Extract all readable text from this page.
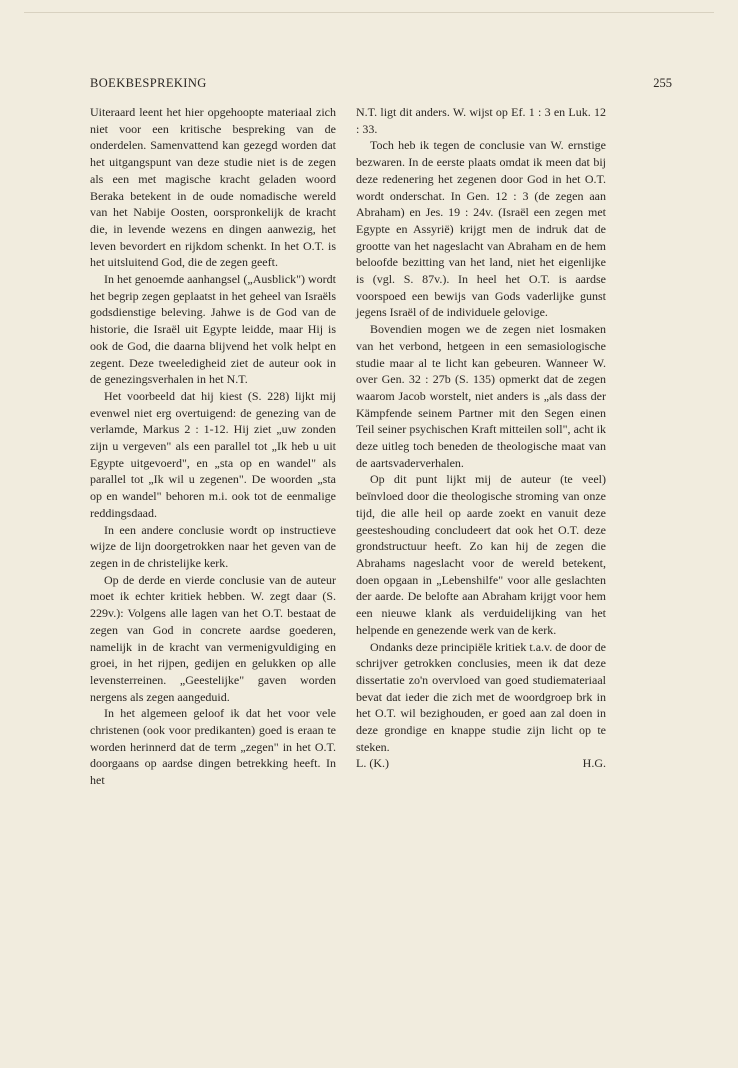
BOEKBESPREKING	255

Uiteraard leent het hier opgehoopte materiaal zich niet voor een kritische bespreking van de onderdelen. Samenvattend kan gezegd worden dat het uitgangspunt van deze studie niet is de zegen als een met magische kracht geladen woord Beraka betekent in de oude nomadische wereld van het Nabije Oosten, oorspronkelijk de kracht die, in levende wezens en dingen aanwezig, het leven bevordert en rijkdom schenkt. In het O.T. is het uitsluitend God, die de zegen geeft.

In het genoemde aanhangsel („Ausblick") wordt het begrip zegen geplaatst in het geheel van Israëls godsdienstige beleving. Jahwe is de God van de historie, die Israël uit Egypte leidde, maar Hij is ook de God, die daarna blijvend het volk helpt en zegent. Deze tweeledigheid ziet de auteur ook in de genezingsverhalen in het N.T.

Het voorbeeld dat hij kiest (S. 228) lijkt mij evenwel niet erg overtuigend: de genezing van de verlamde, Markus 2 : 1-12. Hij ziet „uw zonden zijn u vergeven" als een parallel tot „Ik heb u uit Egypte uitgevoerd", en „sta op en wandel" als parallel tot „Ik wil u zegenen". De woorden „sta op en wandel" behoren m.i. ook tot de eenmalige reddingsdaad.

In een andere conclusie wordt op instructieve wijze de lijn doorgetrokken naar het geven van de zegen in de christelijke kerk.

Op de derde en vierde conclusie van de auteur moet ik echter kritiek hebben. W. zegt daar (S. 229v.): Volgens alle lagen van het O.T. bestaat de zegen van God in concrete aardse goederen, namelijk in de kracht van vermenigvuldiging en groei, in het rijpen, gedijen en gelukken op alle levensterreinen. „Geestelijke" gaven worden nergens als zegen aangeduid.

In het algemeen geloof ik dat het voor vele christenen (ook voor predikanten) goed is eraan te worden herinnerd dat de term „zegen" in het O.T. doorgaans op aardse dingen betrekking heeft. In het

N.T. ligt dit anders. W. wijst op Ef. 1 : 3 en Luk. 12 : 33.

Toch heb ik tegen de conclusie van W. ernstige bezwaren. In de eerste plaats omdat ik meen dat bij deze redenering het zegenen door God in het O.T. wordt onderschat. In Gen. 12 : 3 (de zegen aan Abraham) en Jes. 19 : 24v. (Israël een zegen met Egypte en Assyrië) krijgt men de indruk dat de grootte van het nageslacht van Abraham en de hem beloofde bezitting van het land, niet het eigenlijke is (vgl. S. 87v.). In heel het O.T. is aardse voorspoed een bewijs van Gods vaderlijke gunst jegens Israël of de individuele gelovige.

Bovendien mogen we de zegen niet losmaken van het verbond, hetgeen in een semasiologische studie maar al te licht kan gebeuren. Wanneer W. over Gen. 32 : 27b (S. 135) opmerkt dat de zegen waarom Jacob worstelt, niet anders is „als dass der Kämpfende seinem Partner mit den Segen einen Teil seiner psychischen Kraft mitteilen soll", acht ik deze uitleg toch beneden de theologische maat van de aartsvaderverhalen.

Op dit punt lijkt mij de auteur (te veel) beïnvloed door die theologische stroming van onze tijd, die alle heil op aarde zoekt en vanuit deze geesteshouding concludeert dat ook het O.T. deze grondstructuur heeft. Zo kan hij de zegen die Abrahams nageslacht voor de wereld betekent, doen opgaan in „Lebenshilfe" voor alle geslachten der aarde. De belofte aan Abraham krijgt voor hem een nieuwe klank als verduidelijking van het helpende en genezende werk van de kerk.

Ondanks deze principiële kritiek t.a.v. de door de schrijver getrokken conclusies, meen ik dat deze dissertatie zo'n overvloed van goed studiemateriaal bevat dat ieder die zich met de woordgroep brk in het O.T. wil bezighouden, er goed aan zal doen in deze grondige en knappe studie zijn licht op te steken.

L. (K.)	H.G.
